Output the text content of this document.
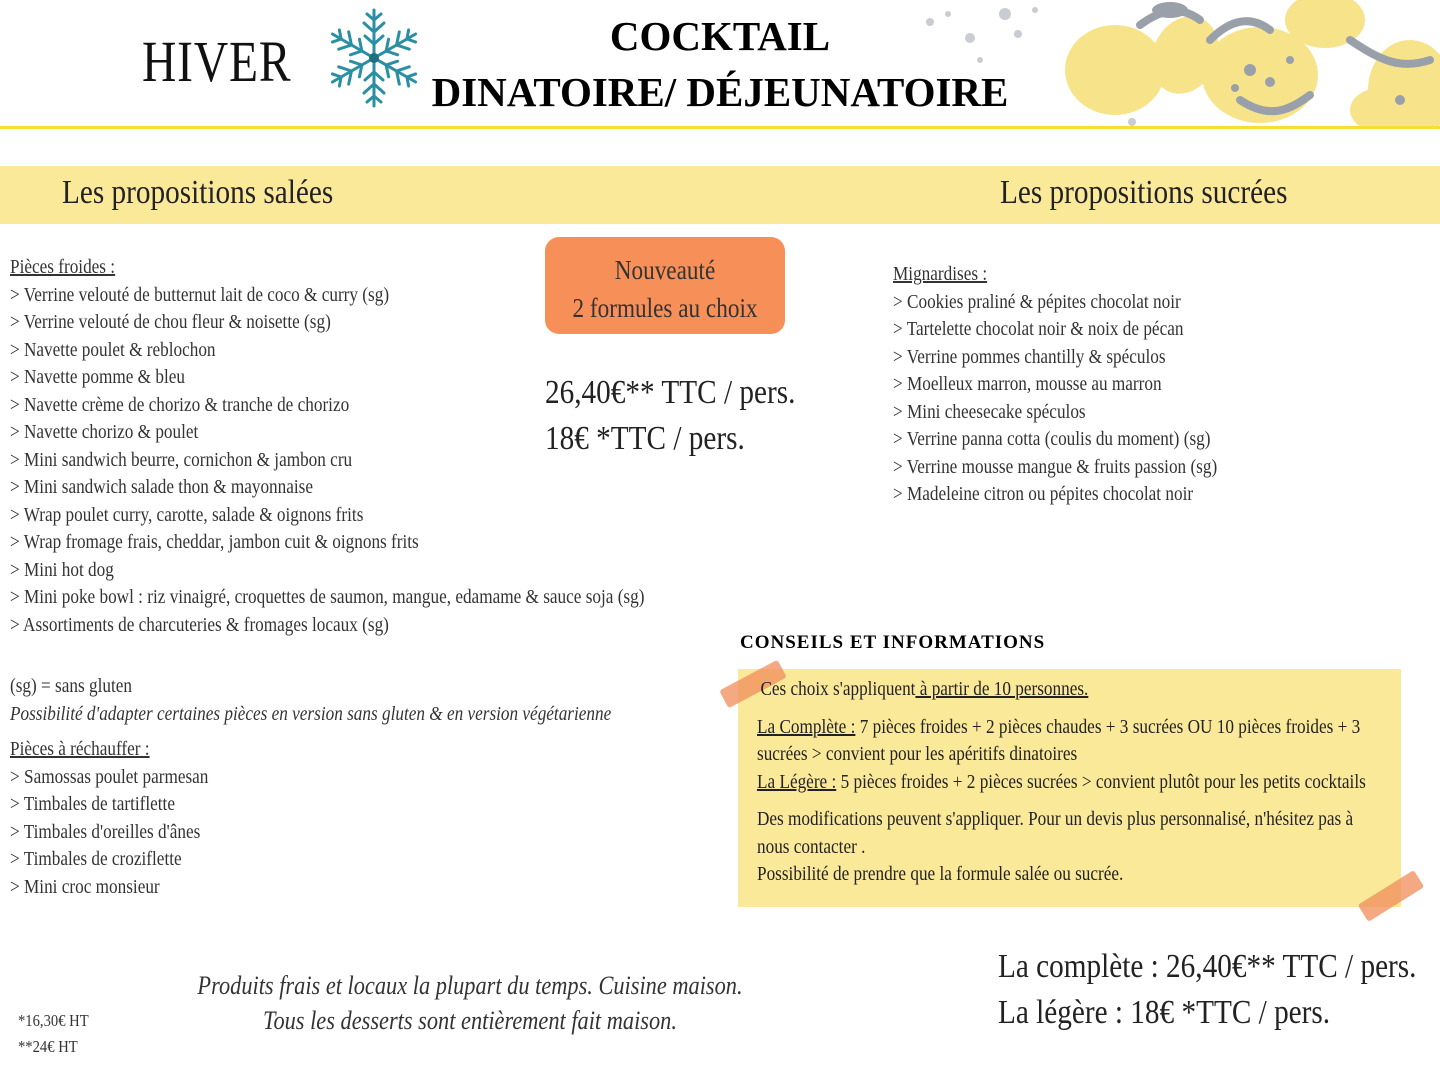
HIVER	COCKTAIL
DINATOIRE/ DÉJEUNATOIRE
Les propositions salées	Les propositions sucrées
Pièces froides :
> Verrine velouté de butternut lait de coco & curry (sg)
> Verrine velouté de chou fleur & noisette (sg)
> Navette poulet & reblochon
> Navette pomme & bleu
> Navette crème de chorizo & tranche de chorizo
> Navette chorizo & poulet
> Mini sandwich beurre, cornichon & jambon cru
> Mini sandwich salade thon & mayonnaise
> Wrap poulet curry, carotte, salade & oignons frits
> Wrap fromage frais, cheddar, jambon cuit & oignons frits
> Mini hot dog
> Mini poke bowl : riz vinaigré, croquettes de saumon, mangue, edamame & sauce soja (sg)
> Assortiments de charcuteries & fromages locaux (sg)
Nouveauté
2 formules au choix
26,40€** TTC / pers.
18€ *TTC / pers.
Mignardises :
> Cookies praliné & pépites chocolat noir
> Tartelette chocolat noir & noix de pécan
> Verrine pommes chantilly & spéculos
> Moelleux marron, mousse au marron
> Mini cheesecake spéculos
> Verrine panna cotta (coulis du moment) (sg)
> Verrine mousse mangue & fruits passion (sg)
> Madeleine citron ou pépites chocolat noir
(sg) = sans gluten
Possibilité d'adapter certaines pièces en version sans gluten & en version végétarienne
Pièces à réchauffer :
> Samossas poulet parmesan
> Timbales de tartiflette
> Timbales d'oreilles d'ânes
> Timbales de croziflette
> Mini croc monsieur
CONSEILS ET INFORMATIONS
Ces choix s'appliquent à partir de 10 personnes.
La Complète : 7 pièces froides + 2 pièces chaudes + 3 sucrées OU 10 pièces froides + 3 sucrées > convient pour les apéritifs dinatoires
La Légère : 5 pièces froides + 2 pièces sucrées > convient plutôt pour les petits cocktails
Des modifications peuvent s'appliquer. Pour un devis plus personnalisé, n'hésitez pas à nous contacter .
Possibilité de prendre que la formule salée ou sucrée.
Produits frais et locaux la plupart du temps. Cuisine maison.
Tous les desserts sont entièrement fait maison.
*16,30€ HT
**24€ HT
La complète : 26,40€** TTC / pers.
La légère : 18€ *TTC / pers.
